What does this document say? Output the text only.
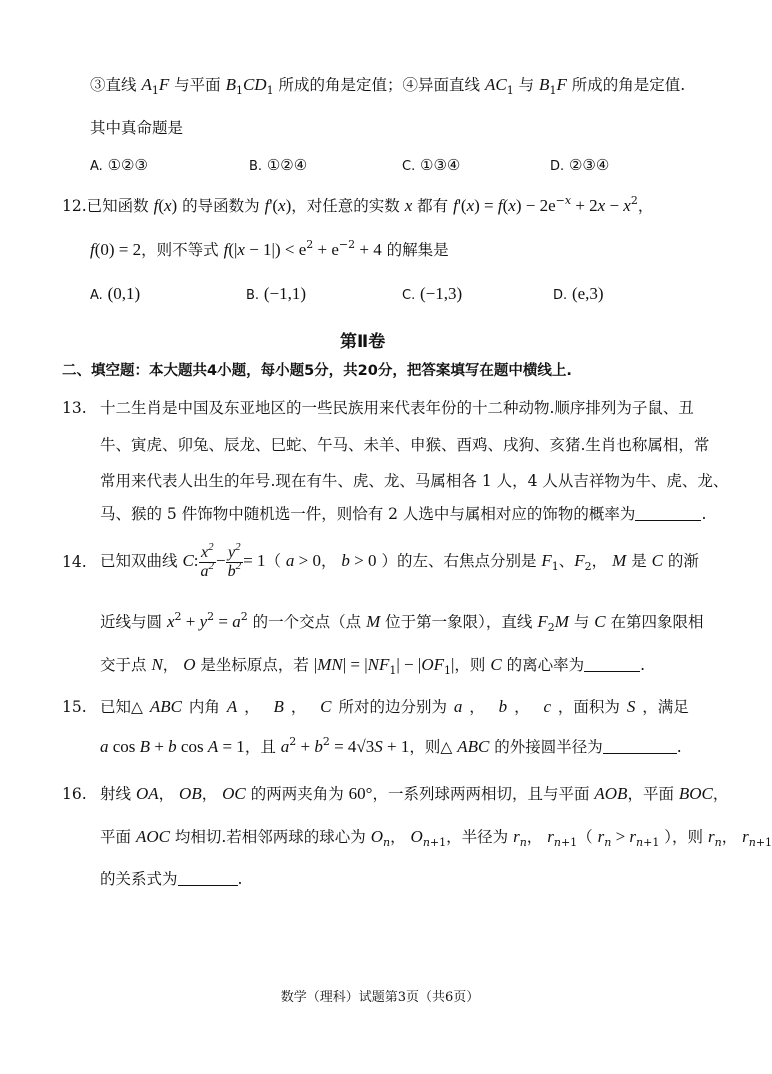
③直线 $A_1F$ 与平面 $B_1CD_1$ 所成的角是定值；④异面直线 $AC_1$ 与 $B_1F$ 所成的角是定值.
其中真命题是
A. ①②③	B. ①②④	C. ①③④	D. ②③④
12.已知函数 f(x) 的导函数为 f'(x)，对任意的实数 x 都有 $f'(x) = f(x) - 2e^{-x} + 2x - x^2$，
f(0) = 2，则不等式 $f(|x - 1|) < e^2 + e^{-2} + 4$ 的解集是
A. (0,1)	B. (−1,1)	C. (−1,3)	D. (e,3)
第Ⅱ卷
二、填空题：本大题共4小题，每小题5分，共20分，把答案填写在题中横线上.
13. 十二生肖是中国及东亚地区的一些民族用来代表年份的十二种动物.顺序排列为子鼠、丑
牛、寅虎、卯兔、辰龙、巳蛇、午马、未羊、申猴、酉鸡、戌狗、亥猪.生肖也称属相，常
常用来代表人出生的年号.现在有牛、虎、龙、马属相各 1 人，4 人从吉祥物为牛、虎、龙、
马、猴的 5 件饰物中随机选一件，则恰有 2 人选中与属相对应的饰物的概率为	.
14. 已知双曲线 C: $\frac{x^2}{a^2} - \frac{y^2}{b^2} = 1$（ a > 0， b > 0 ）的左、右焦点分别是 $F_1$、$F_2$， M 是 C 的渐
近线与圆 $x^2 + y^2 = a^2$ 的一个交点（点 M 位于第一象限），直线 $F_2M$ 与 C 在第四象限相
交于点 N， O 是坐标原点，若 $|MN| = |NF_1| - |OF_1|$，则 C 的离心率为	.
15. 已知△ ABC 内角 A ，  B ，  C 所对的边分别为 a ，  b ，  c ，面积为 S ，满足
a cos B + b cos A = 1，且 $a^2 + b^2 = 4√3S + 1$，则△ ABC 的外接圆半径为	.
16. 射线 OA， OB， OC 的两两夹角为 60°，一系列球两两相切，且与平面 AOB，平面 BOC，
平面 AOC 均相切.若相邻两球的球心为 $O_n$， $O_{n+1}$，半径为 $r_n$， $r_{n+1}$（ $r_n > r_{n+1}$ ），则 $r_n$， $r_{n+1}$
的关系式为	.
数学（理科）试题第3页（共6页）
